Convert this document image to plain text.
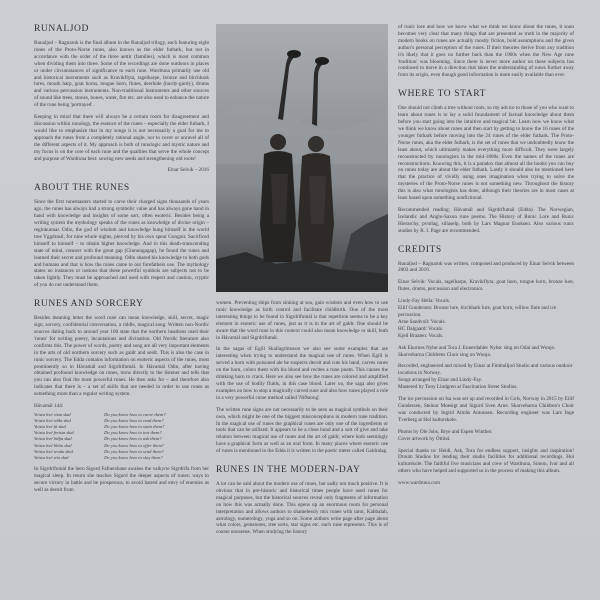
RUNALJOD

Runaljod – Ragnarok is the final album in the Runaljod trilogy, each featuring eight runes of the Proto-Norse runes, also known as the elder futhark, but not in accordance with the order of the three aettir (families), which is most common when dividing them into three. Some of the recordings are done outdoors in places or under circumstances of significance to each rune. Wardruna primarily use old and historical instruments such as Kravikflyta, tagelharpe, bronze and birchbark lures, mouth harp, goat horns, tongue horn, flutes, deerhide (hurdy-gurdy), drums and various percussion instruments. Non-traditional instruments and other sources of sound like trees, stones, bones, water, fire etc. are also used to enhance the nature of the rune being 'portrayed'.

Keeping in mind that there will always be a certain room for disagreement and discussion within runology, the essence of the runes – especially the elder futhark, I would like to emphasize that in my songs it is not necessarily a goal for me to approach the runes from a completely rational angle, nor to cover or unravel all of the different aspects of it. My approach is both of runologic and mystic nature and my focus is on the core of each rune and the qualities that serve the whole concept and purpose of Wardruna best: sowing new seeds and strengthening old roots!

Einar Selvik – 2016
ABOUT THE RUNES

Since the first runemasters started to carve their charged signs thousands of years ago, the runes has always had a strong symbolic value and has always gone hand in hand with knowledge and insights of some sort, often esoteric. Besides being a writing system the mythology speaks of the runes as knowledge of divine origin – reginkunnar. Odin, the god of wisdom and knowledge hung himself in the world tree Yggdrasil, for nine whole nights, pierced by his own spear Gungnir. Sacrificed himself to himself – to obtain higher knowledge. And in this death-transcending state of mind, connect with the great gap (Ginnungagap), he found the runes and learned their secret and profound meaning. Odin shared his knowledge to both gods and humans and that is how the runes came to our forefathers use. The mythology states no instances or notions that these powerful symbols are subjects not to be taken lightly. They must be approached and used with respect and caution, cryptic of you do not understand them.

RUNES AND SORCERY

Besides meaning letter the word rune can mean knowledge, skill, secret, magic sign, sorcery, confidential conversation, a riddle, magical song. Written non-Nordic sources dating back to around year 100 state that the northern heathens used their 'runes' for writing poetry, incantations and divination. Old Nordic literature also confirms this. The power of words, poetry and song are all very important elements in the arts of old northern sorcery such as galdr and seidr. This is also the case in runic sorcery. The Edda contains information on esoteric aspects of the runes, most prominently so in Hávamál and Sigrdrífumál. In Hávamál Odin, after having obtained profound knowledge on runes, turns directly to the listener and tells that you can also find the most powerful runes. He then asks for – and therefore also indicates that there is – a set of skills that are needed in order to use runes as something more than a regular writing system.

Hávamál 144:
Veistu hvé rísta skal	Do you know how to carve them?
Veistu hvé ráða skal	Do you know how to read them?
Veistu hvé fá skal	Do you know how to stain them?
Veistu hvé freista skal	Do you know how to test them?
Veistu hvé biðja skal	Do you know how to ask them?
Veistu hvé blóta skal	Do you know how to offer them?
Veistu hvé senda skal	Do you know how to send them?
Veistu hvé sóa skal	Do you know how to slay them?

In Sigrdrífumál the hero Sigurd Fafnersbane awakes the valkyrie Sigrdrífa from her magical sleep. In return she teaches Sigurd the deeper aspects of runes: ways to secure victory in battle and be prosperous, to avoid hatred and envy of enemies as well as deceit from

women. Preventing ships from sinking at sea, gain wisdom and even how to use runic knowledge as birth control and facilitate childbirth. One of the most interesting things to be found in Sigrdrífumál is that repetition seems to be a key element in esoteric use of runes, just as it is in the art of galdr. One should be aware that the word rune in this context could also mean knowledge or skill, both in Hávamál and Sigrdrífumál.

In the sagas of Egill Skallagrímsson we also see some examples that are interesting when trying to understand the magical use of runes. When Egill is served a horn with poisoned ale he suspects deceit and cuts his hand, carves runes on the horn, colors them with his blood and recites a rune poem. This causes the drinking horn to crack. Here we also see how the runes are colored and amplified with the use of bodily fluids, in this case blood. Later on, the saga also gives examples on how to stop a magically carved rune and also how runes played a role in a very powerful curse method called 'Níðstong'.

The written rune signs are not necessarily to be seen as magical symbols on their own, which might be one of the biggest misconceptions in modern rune tradition. In the magical use of runes the graphical runes are only one of the ingredients or tools that can be utilized. It appears to be a close bond and a sort of give and take relation between magical use of runes and the art of galdr, where both seemingly have a graphical form as well as an oral form. In many places where esoteric use of runes is mentioned in the Edda it is written in the poetic meter called Galdralag.

RUNES IN THE MODERN-DAY

A lot can be said about the modern use of runes, but sadly not much positive. It is obvious that in pre-historic and historical times people have used runes for magical purposes, but the historical sources reveal only fragments of information on how this was actually done. This opens up an enormous room for personal interpretation and allows authors to shamelessly mix runes with tarot, Kabbalah, astrology, numerology, yoga and so on. Some authors write page after page about what colors, gemstones, tree sorts, star signs etc. each rune represents. This is of course nonsense. When studying the history

of runic lore and how we know what we think we know about the runes, it soon becomes very clear that many things that are presented as truth in the majority of modern books on runes are actually mostly fiction, bold assumptions and the given author's personal perception of the runes. If their theories derive from any tradition it's likely that it goes no further back than the 1960s when the New Age rune 'tradition' was blooming. Since there is never more author on these subjects has continued to move in a direction that takes the understanding of runes further away from its origin, even though good information is more easily available than ever.

WHERE TO START

One should not climb a tree without roots, so my advice to those of you who want to learn about runes is to lay a solid foundament of factual knowledge about them before you start going into the intuitive and magical bit. Learn how we know what we think we know about runes and then start by getting to know the 16 runes of the younger futhark before moving into the 24 runes of the elder futhark. The Proto-Norse runes, aka the elder futhark, is the set of runes that we undoubtedly know the least about, which ultimately makes everything more difficult. They were largely reconstructed by runologists in the mid-1800s. Even the names of the runes are reconstructions. Knowing this, it is a paradox that almost all the books you can buy on runes today are about the elder futhark. Lastly it should also be mentioned here that the practice of vividly using ones imagination when trying to solve the mysteries of the Proto-Norse runes is not something new. Throughout the history this is also what runologists has done, although their theories are in most cases at least based upon something nonfictional.

Recommended reading: Hávamál and Sigrdrífumál (Edda). The Norwegian, Icelandic and Anglo-Saxon rune poems. The History of Runic Lore and Runic Hierarchy, pvmlag, sillaselp, both by Lars Magnar Enoksen. Also various runic studies by R. I. Page are recommended.

CREDITS

Runaljod – Ragnarok was written, composed and produced by Einar Selvik between 2003 and 2016.

Einar Selvik: Vocals, tagelharpe, Kravikflyta, goat horn, tongue horn, bronze lure, flutes, drums, percussion and electronics.

Lindy-Fay Hella: Vocals.
Eilif Gundersen: Bronze lure, birchbark lure, goat horn, willow flute and ice percussion.
Arne Sandvoll: Vocals.
HC Dalgaard: Vocals.
Kjell Braaten: Vocals.

Ask Ekornes Nybø and Tora J. Ennerdahler Nybø: sing on Odal and Wunjo.
Skarvebarna Childrens Choir sing on Wunjo.

Recorded, engineered and mixed by Einar at Fimbulljod Studio and various outdoor locations in Norway.
Songs arranged by Einar and Lindy-Fay.
Mastered by Tony Lindgren at Fascination Street Studios.

The ice percussion on Isa was set up and recorded in Gols, Norway in 2015 by Eilif Gundersen, Steinar Moesigt and Sigurd Sven Arne. Skarvebarna Children's Choir was conducted by Ingrid Almås Antonsen. Recording engineer was Lars Inge Tverberg at Hol kulturskole.

Photos by Ole Jobs, Brye and Espen Winther.
Cover artwork by Óttind.

Special thanks to: Heidi, Ask, Tora for endless support, insights and inspiration! Druum Studios for lending their studio facilities for additional recordings. Hol kulturskole. The faithful live musicians and crew of Wardruna, Simon, Ivar and all others who have helped and supported us in the process of making this album.

www.wardruna.com
